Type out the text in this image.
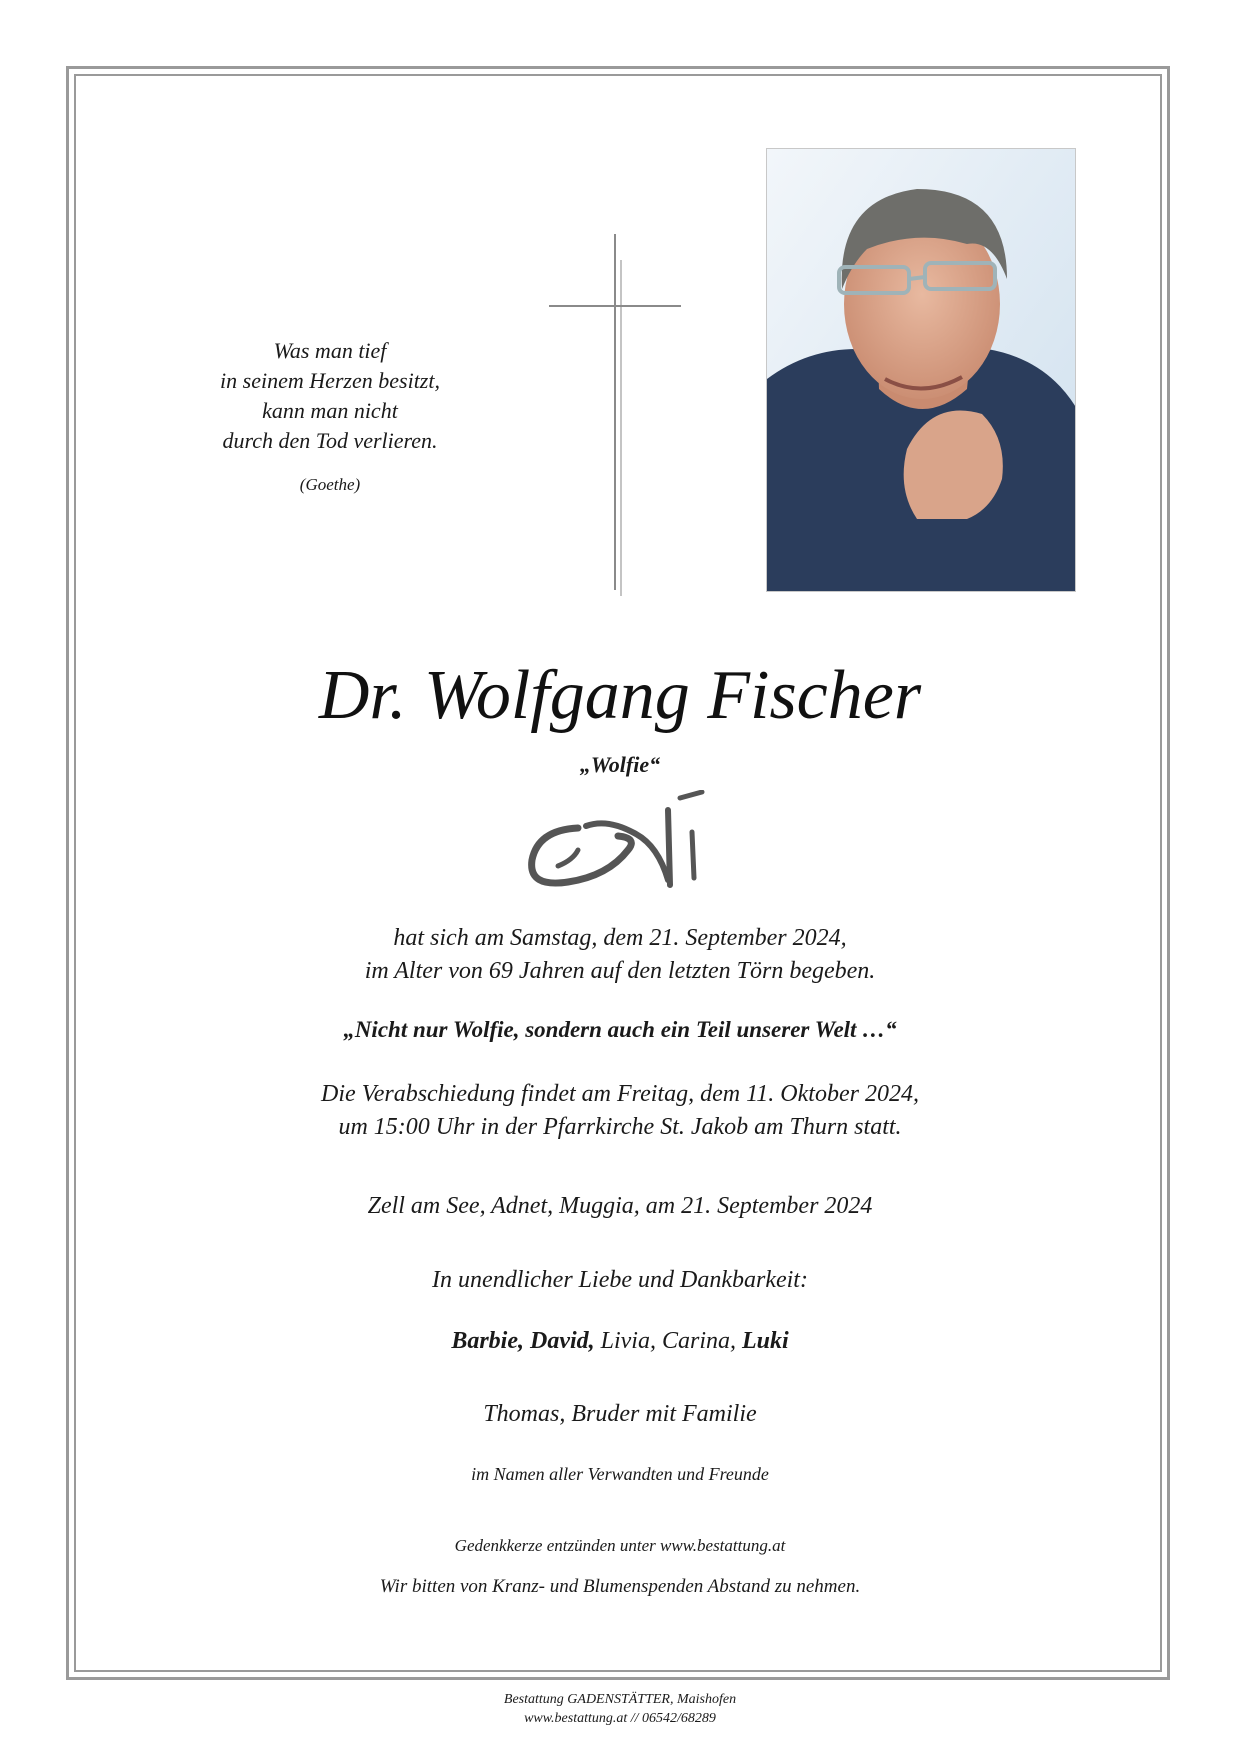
Was man tief
in seinem Herzen besitzt,
kann man nicht
durch den Tod verlieren.
(Goethe)
Dr. Wolfgang Fischer
„Wolfie“
hat sich am Samstag, dem 21. September 2024,
im Alter von 69 Jahren auf den letzten Törn begeben.
„Nicht nur Wolfie, sondern auch ein Teil unserer Welt …“
Die Verabschiedung findet am Freitag, dem 11. Oktober 2024,
um 15:00 Uhr in der Pfarrkirche St. Jakob am Thurn statt.
Zell am See, Adnet, Muggia, am 21. September 2024
In unendlicher Liebe und Dankbarkeit:
Barbie, David, Livia, Carina, Luki
Thomas, Bruder mit Familie
im Namen aller Verwandten und Freunde
Gedenkkerze entzünden unter www.bestattung.at
Wir bitten von Kranz- und Blumenspenden Abstand zu nehmen.
Bestattung GADENSTÄTTER, Maishofen
www.bestattung.at // 06542/68289
